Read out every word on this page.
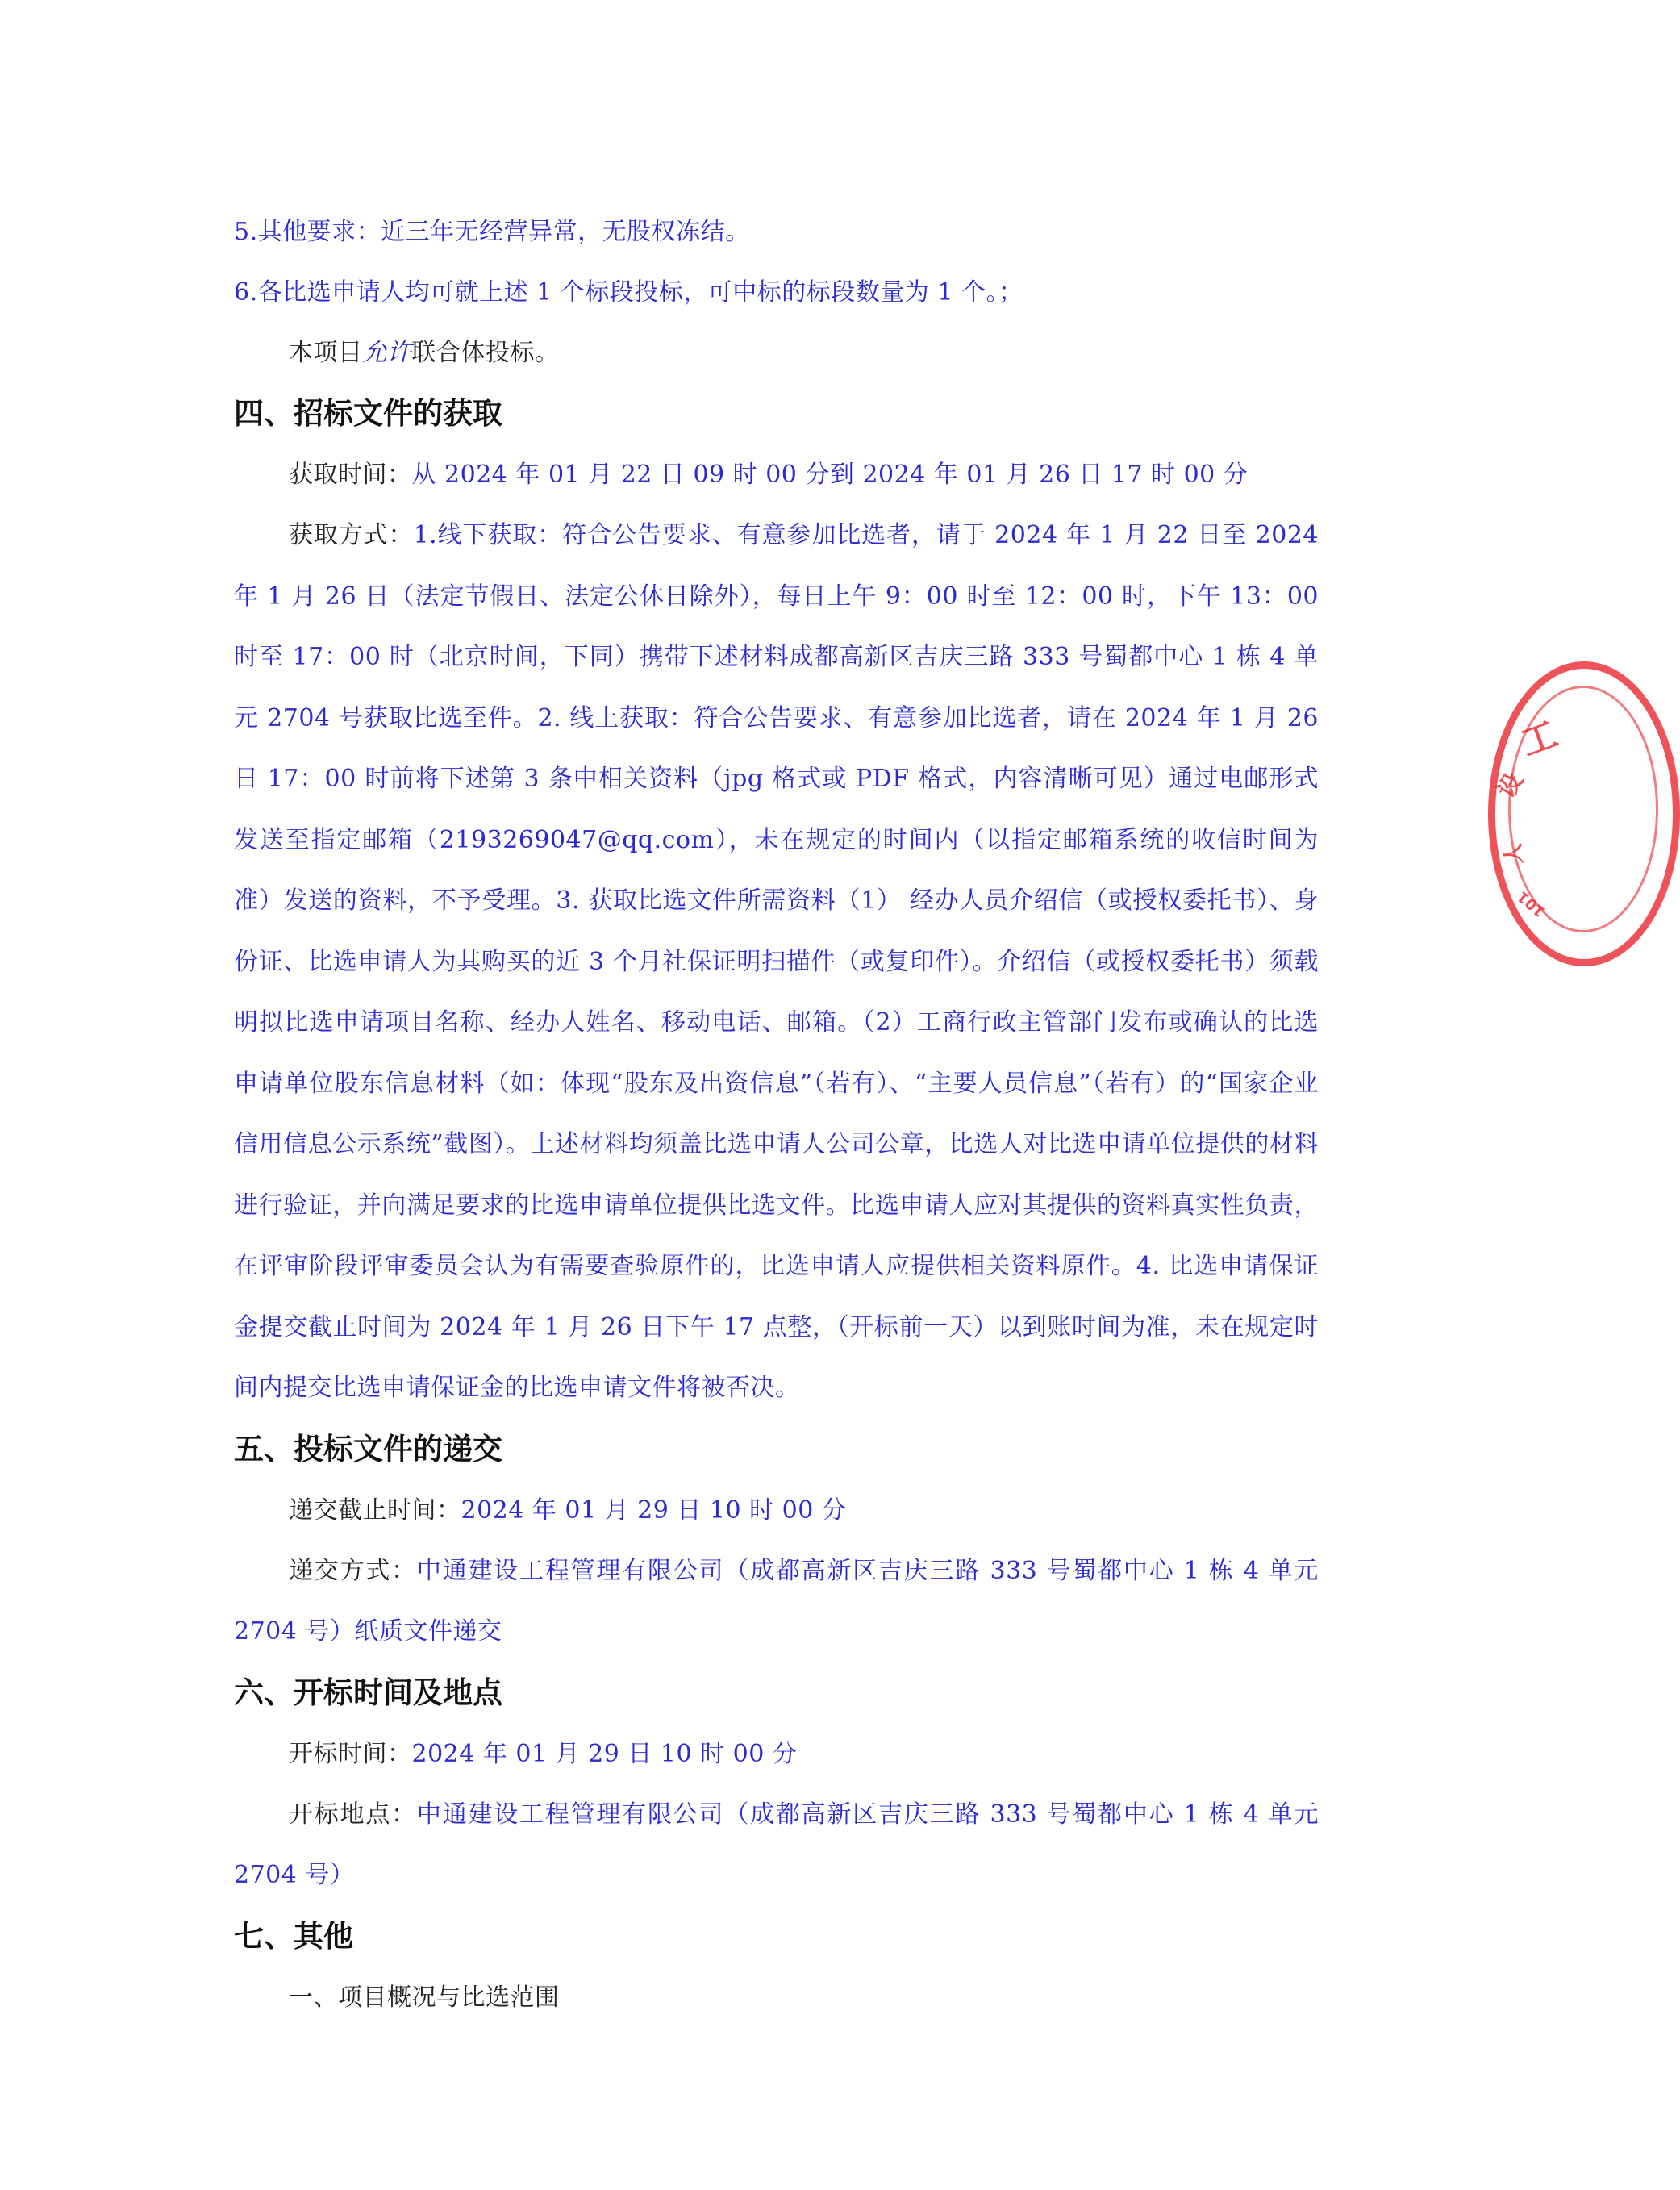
5.其他要求：近三年无经营异常，无股权冻结。

6.各比选申请人均可就上述 1 个标段投标，可中标的标段数量为 1 个。；

本项目允许联合体投标。

四、招标文件的获取

获取时间：从 2024 年 01 月 22 日 09 时 00 分到 2024 年 01 月 26 日 17 时 00 分

获取方式：1.线下获取：符合公告要求、有意参加比选者，请于 2024 年 1 月 22 日至 2024 年 1 月 26 日（法定节假日、法定公休日除外），每日上午 9：00 时至 12：00 时，下午 13：00 时至 17：00 时（北京时间，下同）携带下述材料成都高新区吉庆三路 333 号蜀都中心 1 栋 4 单元 2704 号获取比选至件。2. 线上获取：符合公告要求、有意参加比选者，请在 2024 年 1 月 26 日 17：00 时前将下述第 3 条中相关资料（jpg 格式或 PDF 格式，内容清晰可见）通过电邮形式发送至指定邮箱（2193269047@qq.com），未在规定的时间内（以指定邮箱系统的收信时间为准）发送的资料，不予受理。3. 获取比选文件所需资料（1） 经办人员介绍信（或授权委托书）、身份证、比选申请人为其购买的近 3 个月社保证明扫描件（或复印件）。介绍信（或授权委托书）须载明拟比选申请项目名称、经办人姓名、移动电话、邮箱。（2）工商行政主管部门发布或确认的比选申请单位股东信息材料（如：体现“股东及出资信息”（若有）、“主要人员信息”（若有）的“国家企业信用信息公示系统”截图）。上述材料均须盖比选申请人公司公章，比选人对比选申请单位提供的材料进行验证，并向满足要求的比选申请单位提供比选文件。比选申请人应对其提供的资料真实性负责，在评审阶段评审委员会认为有需要查验原件的，比选申请人应提供相关资料原件。4. 比选申请保证金提交截止时间为 2024 年 1 月 26 日下午 17 点整，（开标前一天）以到账时间为准，未在规定时间内提交比选申请保证金的比选申请文件将被否决。

五、投标文件的递交

递交截止时间：2024 年 01 月 29 日 10 时 00 分

递交方式：中通建设工程管理有限公司（成都高新区吉庆三路 333 号蜀都中心 1 栋 4 单元 2704 号）纸质文件递交

六、开标时间及地点

开标时间：2024 年 01 月 29 日 10 时 00 分

开标地点：中通建设工程管理有限公司（成都高新区吉庆三路 333 号蜀都中心 1 栋 4 单元 2704 号）

七、其他

一、项目概况与比选范围

工
设
人
101
